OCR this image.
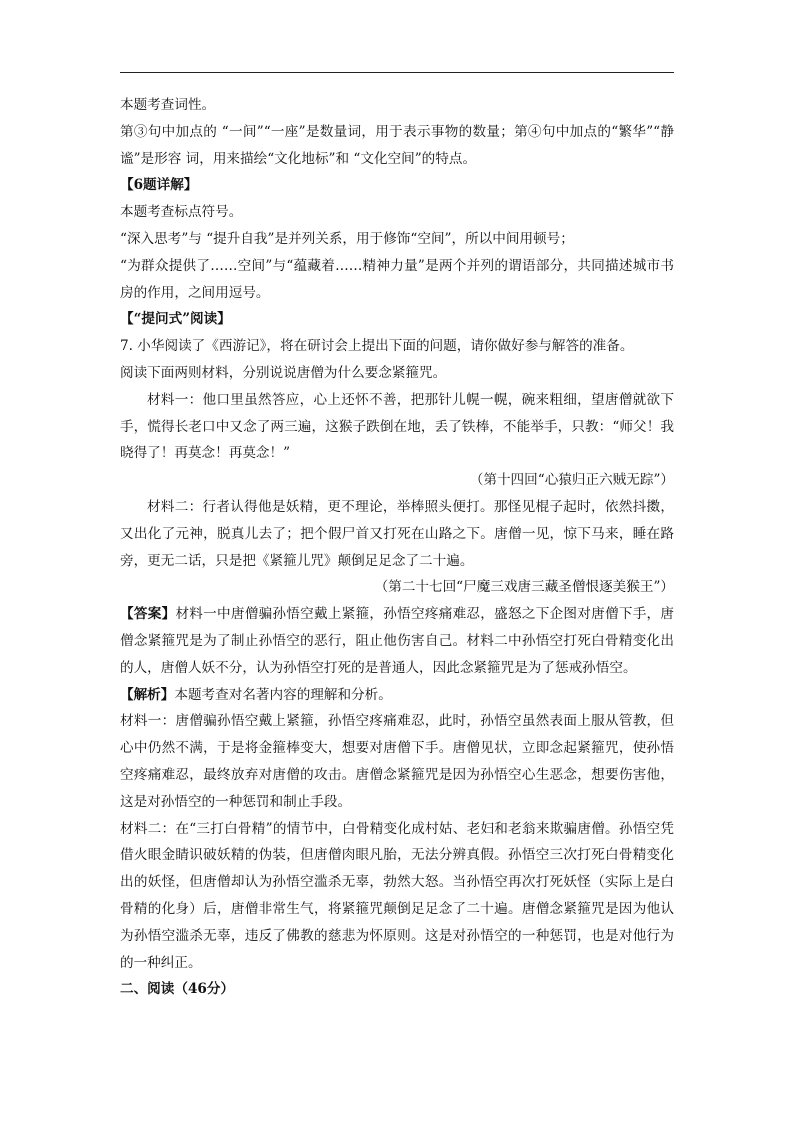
本题考查词性。

第③句中加点的 “一间”“一座”是数量词，用于表示事物的数量；第④句中加点的“繁华”“静谧”是形容 词，用来描绘“文化地标”和 “文化空间”的特点。

【6题详解】

本题考查标点符号。

“深入思考”与 “提升自我”是并列关系，用于修饰“空间”，所以中间用顿号；

“为群众提供了……空间”与“蕴藏着……精神力量”是两个并列的谓语部分，共同描述城市书房的作用，之间用逗号。

【“提问式”阅读】

7. 小华阅读了《西游记》，将在研讨会上提出下面的问题，请你做好参与解答的准备。

阅读下面两则材料，分别说说唐僧为什么要念紧箍咒。

材料一：他口里虽然答应，心上还怀不善，把那针儿幌一幌，碗来粗细，望唐僧就欲下手，慌得长老口中又念了两三遍，这猴子跌倒在地，丢了铁棒，不能举手，只教：“师父！我晓得了！再莫念！再莫念！”

（第十四回“心猿归正六贼无踪”）

材料二：行者认得他是妖精，更不理论，举棒照头便打。那怪见棍子起时，依然抖擞，又出化了元神，脱真儿去了；把个假尸首又打死在山路之下。唐僧一见，惊下马来，睡在路旁，更无二话，只是把《紧箍儿咒》颠倒足足念了二十遍。

（第二十七回“尸魔三戏唐三藏圣僧恨逐美猴王”）

【答案】材料一中唐僧骗孙悟空戴上紧箍，孙悟空疼痛难忍，盛怒之下企图对唐僧下手，唐僧念紧箍咒是为了制止孙悟空的恶行，阻止他伤害自己。材料二中孙悟空打死白骨精变化出的人，唐僧人妖不分，认为孙悟空打死的是普通人，因此念紧箍咒是为了惩戒孙悟空。

【解析】本题考查对名著内容的理解和分析。

材料一：唐僧骗孙悟空戴上紧箍，孙悟空疼痛难忍，此时，孙悟空虽然表面上服从管教，但心中仍然不满，于是将金箍棒变大，想要对唐僧下手。唐僧见状，立即念起紧箍咒，使孙悟空疼痛难忍，最终放弃对唐僧的攻击。唐僧念紧箍咒是因为孙悟空心生恶念，想要伤害他，这是对孙悟空的一种惩罚和制止手段。

材料二：在“三打白骨精”的情节中，白骨精变化成村姑、老妇和老翁来欺骗唐僧。孙悟空凭借火眼金睛识破妖精的伪装，但唐僧肉眼凡胎，无法分辨真假。孙悟空三次打死白骨精变化出的妖怪，但唐僧却认为孙悟空滥杀无辜，勃然大怒。当孙悟空再次打死妖怪（实际上是白骨精的化身）后，唐僧非常生气，将紧箍咒颠倒足足念了二十遍。唐僧念紧箍咒是因为他认为孙悟空滥杀无辜，违反了佛教的慈悲为怀原则。这是对孙悟空的一种惩罚，也是对他行为的一种纠正。

二、阅读（46分）
